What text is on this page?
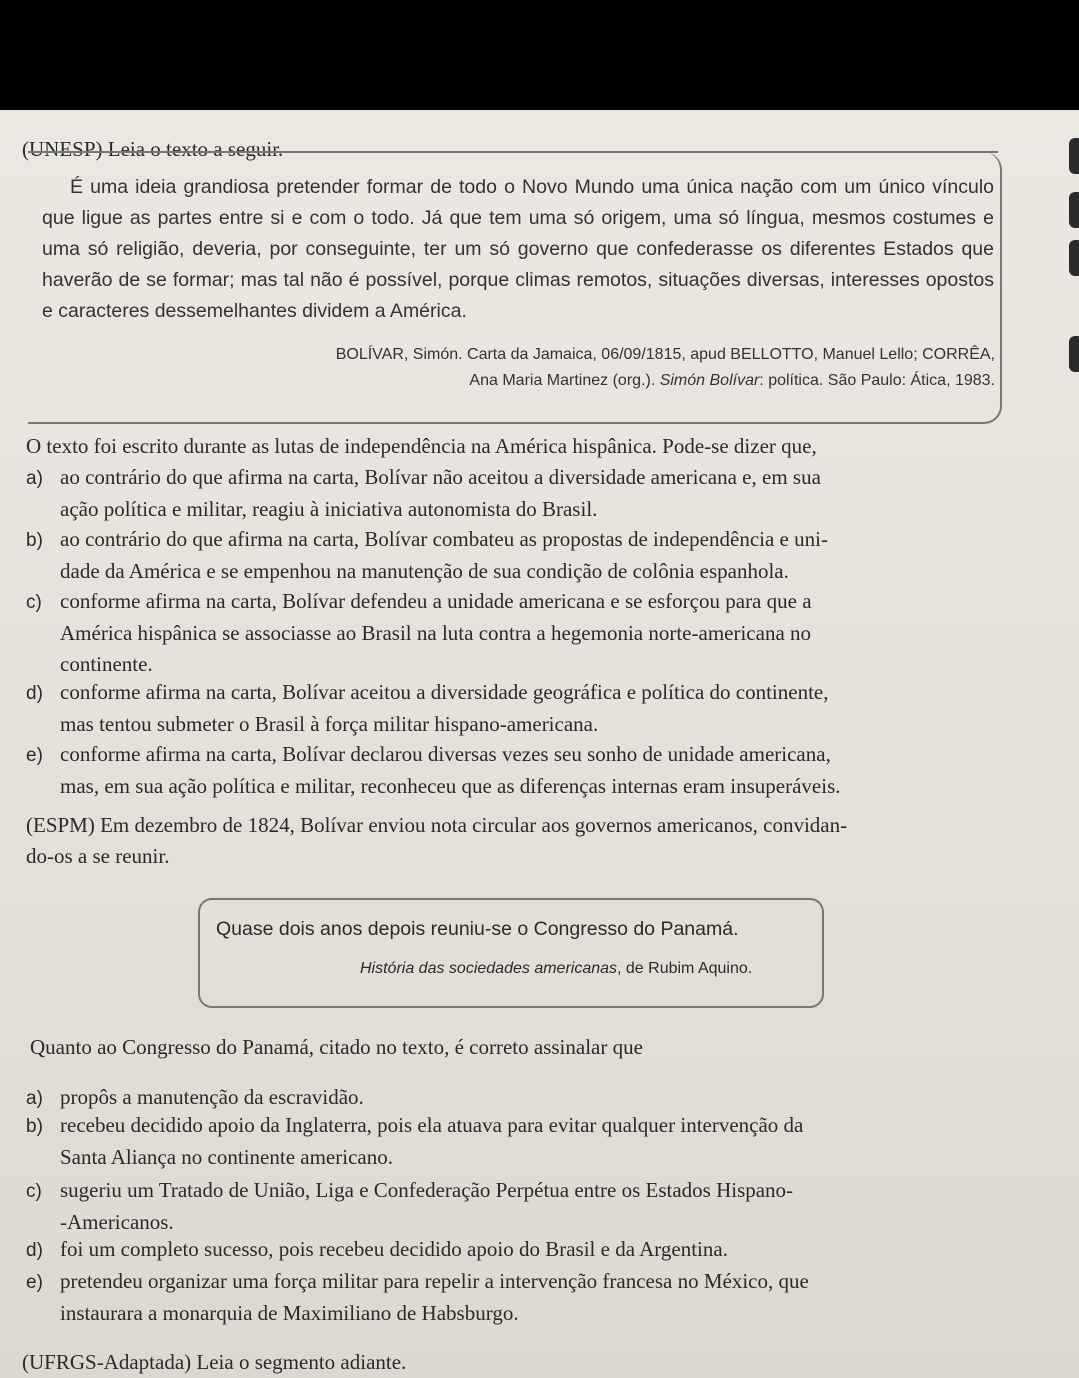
(UNESP) Leia o texto a seguir.
É uma ideia grandiosa pretender formar de todo o Novo Mundo uma única nação com um único vínculo que ligue as partes entre si e com o todo. Já que tem uma só origem, uma só língua, mesmos costumes e uma só religião, deveria, por conseguinte, ter um só governo que confederasse os diferentes Estados que haverão de se formar; mas tal não é possível, porque climas remotos, situações diversas, interesses opostos e caracteres dessemelhantes dividem a América.
BOLÍVAR, Simón. Carta da Jamaica, 06/09/1815, apud BELLOTTO, Manuel Lello; CORRÊA,
Ana Maria Martinez (org.). Simón Bolívar: política. São Paulo: Ática, 1983.
O texto foi escrito durante as lutas de independência na América hispânica. Pode-se dizer que,
a) ao contrário do que afirma na carta, Bolívar não aceitou a diversidade americana e, em sua
ação política e militar, reagiu à iniciativa autonomista do Brasil.
b) ao contrário do que afirma na carta, Bolívar combateu as propostas de independência e uni-
dade da América e se empenhou na manutenção de sua condição de colônia espanhola.
c) conforme afirma na carta, Bolívar defendeu a unidade americana e se esforçou para que a
América hispânica se associasse ao Brasil na luta contra a hegemonia norte-americana no
continente.
d) conforme afirma na carta, Bolívar aceitou a diversidade geográfica e política do continente,
mas tentou submeter o Brasil à força militar hispano-americana.
e) conforme afirma na carta, Bolívar declarou diversas vezes seu sonho de unidade americana,
mas, em sua ação política e militar, reconheceu que as diferenças internas eram insuperáveis.
(ESPM) Em dezembro de 1824, Bolívar enviou nota circular aos governos americanos, convidan-
do-os a se reunir.
Quase dois anos depois reuniu-se o Congresso do Panamá.
História das sociedades americanas, de Rubim Aquino.
Quanto ao Congresso do Panamá, citado no texto, é correto assinalar que
a) propôs a manutenção da escravidão.
b) recebeu decidido apoio da Inglaterra, pois ela atuava para evitar qualquer intervenção da
Santa Aliança no continente americano.
c) sugeriu um Tratado de União, Liga e Confederação Perpétua entre os Estados Hispano-
-Americanos.
d) foi um completo sucesso, pois recebeu decidido apoio do Brasil e da Argentina.
e) pretendeu organizar uma força militar para repelir a intervenção francesa no México, que
instaurara a monarquia de Maximiliano de Habsburgo.
(UFRGS-Adaptada) Leia o segmento adiante.
